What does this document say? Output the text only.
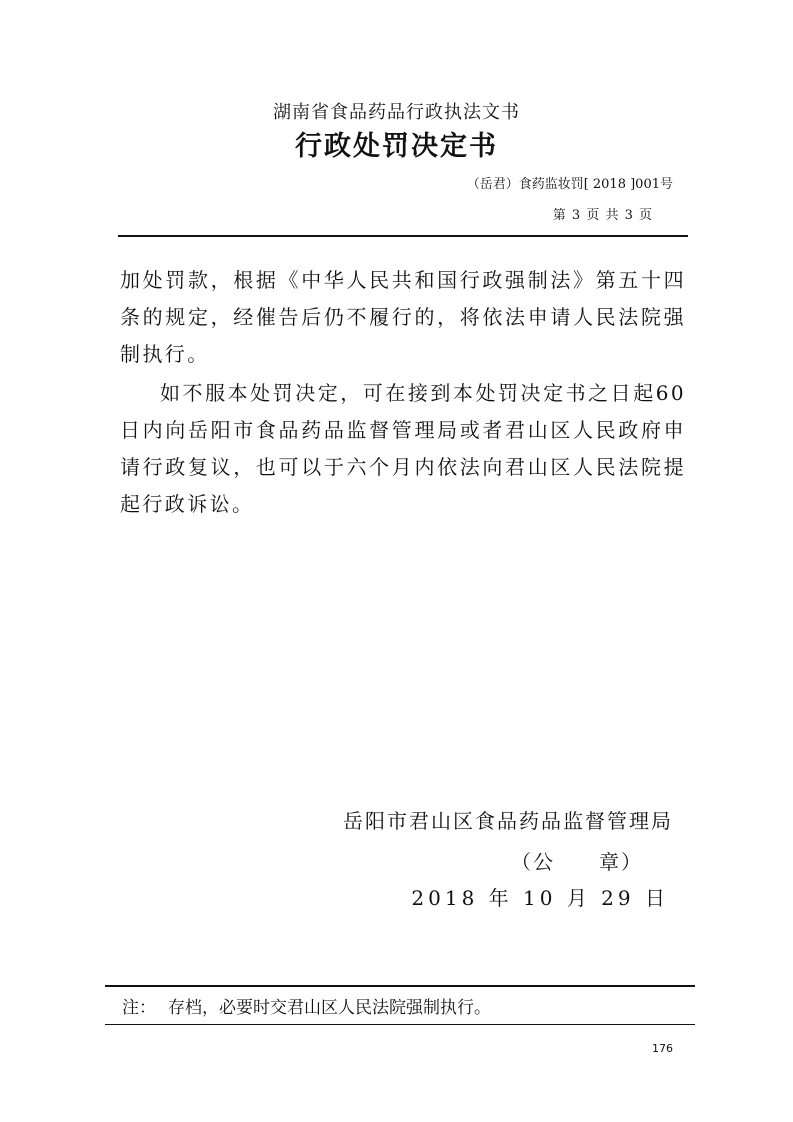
湖南省食品药品行政执法文书
行政处罚决定书
（岳君）食药监妆罚[ 2018 ]001号
第 3 页 共 3 页

加处罚款，根据《中华人民共和国行政强制法》第五十四条的规定，经催告后仍不履行的，将依法申请人民法院强制执行。

如不服本处罚决定，可在接到本处罚决定书之日起60日内向岳阳市食品药品监督管理局或者君山区人民政府申请行政复议，也可以于六个月内依法向君山区人民法院提起行政诉讼。

岳阳市君山区食品药品监督管理局
（公　　章）
2018 年 10 月 29 日
注： 存档，必要时交君山区人民法院强制执行。
176
